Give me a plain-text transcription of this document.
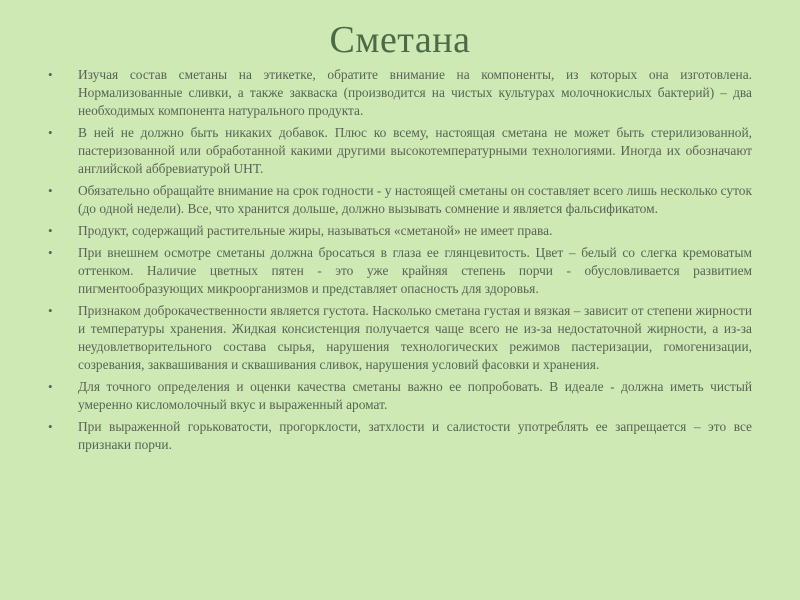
Сметана
•	Изучая состав сметаны на этикетке, обратите внимание на компоненты, из которых она изготовлена. Нормализованные сливки, а также закваска (производится на чистых культурах молочнокислых бактерий) – два необходимых компонента натурального продукта.
•	В ней не должно быть никаких добавок. Плюс ко всему, настоящая сметана не может быть стерилизованной, пастеризованной или обработанной какими другими высокотемпературными технологиями. Иногда их обозначают английской аббревиатурой UHT.
•	Обязательно обращайте внимание на срок годности - у настоящей сметаны он составляет всего лишь несколько суток (до одной недели). Все, что хранится дольше, должно вызывать сомнение и является фальсификатом.
•	Продукт, содержащий растительные жиры, называться «сметаной» не имеет права.
•	При внешнем осмотре сметаны должна бросаться в глаза ее глянцевитость. Цвет – белый со слегка кремоватым оттенком. Наличие цветных пятен - это уже крайняя степень порчи - обусловливается развитием пигментообразующих микроорганизмов и представляет опасность для здоровья.
•	Признаком доброкачественности является густота. Насколько сметана густая и вязкая – зависит от степени жирности и температуры хранения. Жидкая консистенция получается чаще всего не из-за недостаточной жирности, а из-за неудовлетворительного состава сырья, нарушения технологических режимов пастеризации, гомогенизации, созревания, заквашивания и сквашивания сливок, нарушения условий фасовки и хранения.
•	Для точного определения и оценки качества сметаны важно ее попробовать. В идеале - должна иметь чистый умеренно кисломолочный вкус и выраженный аромат.
•	При выраженной горьковатости, прогорклости, затхлости и салистости употреблять ее запрещается – это все признаки порчи.
